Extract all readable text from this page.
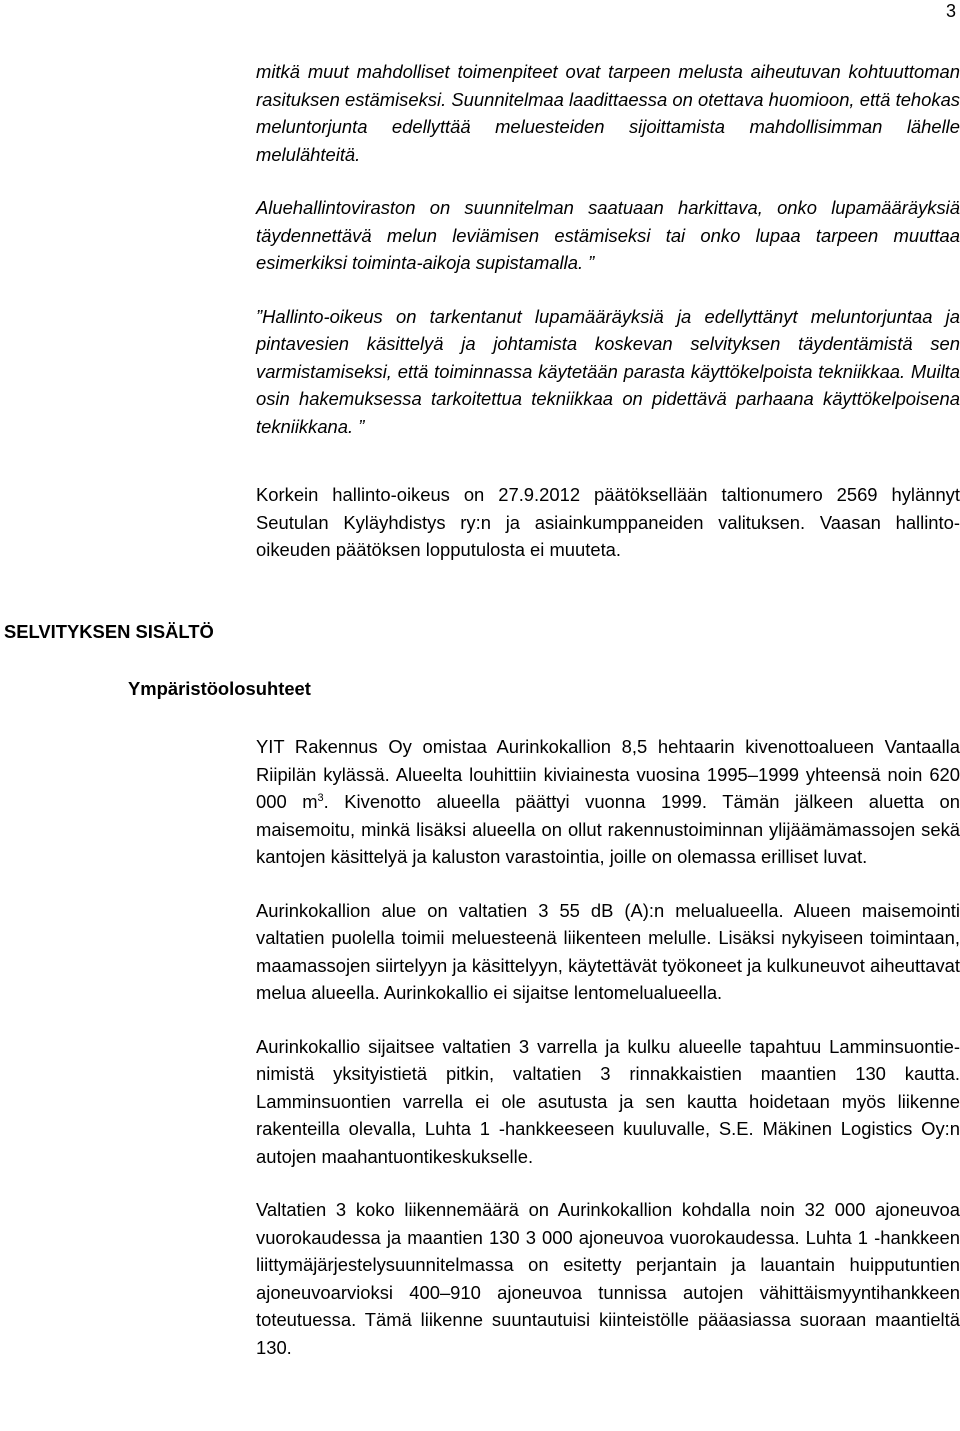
3

mitkä muut mahdolliset toimenpiteet ovat tarpeen melusta aiheutuvan kohtuuttoman rasituksen estämiseksi. Suunnitelmaa laadittaessa on otettava huomioon, että tehokas meluntorjunta edellyttää meluesteiden sijoittamista mahdollisimman lähelle melulähteitä.

Aluehallintoviraston on suunnitelman saatuaan harkittava, onko lupamääräyksiä täydennettävä melun leviämisen estämiseksi tai onko lupaa tarpeen muuttaa esimerkiksi toiminta-aikoja supistamalla. ”

”Hallinto-oikeus on tarkentanut lupamääräyksiä ja edellyttänyt meluntorjuntaa ja pintavesien käsittelyä ja johtamista koskevan selvityksen täydentämistä sen varmistamiseksi, että toiminnassa käytetään parasta käyttökelpoista tekniikkaa. Muilta osin hakemuksessa tarkoitettua tekniikkaa on pidettävä parhaana käyttökelpoisena tekniikkana. ”

Korkein hallinto-oikeus on 27.9.2012 päätöksellään taltionumero 2569 hylännyt Seutulan Kyläyhdistys ry:n ja asiainkumppaneiden valituksen. Vaasan hallinto-oikeuden päätöksen lopputulosta ei muuteta.

SELVITYKSEN SISÄLTÖ
Ympäristöolosuhteet

YIT Rakennus Oy omistaa Aurinkokallion 8,5 hehtaarin kivenottoalueen Vantaalla Riipilän kylässä. Alueelta louhittiin kiviainesta vuosina 1995–1999 yhteensä noin 620 000 $m^3$. Kivenotto alueella päättyi vuonna 1999. Tämän jälkeen aluetta on maisemoitu, minkä lisäksi alueella on ollut rakennustoiminnan ylijäämämassojen sekä kantojen käsittelyä ja kaluston varastointia, joille on olemassa erilliset luvat.

Aurinkokallion alue on valtatien 3 55 dB (A):n melualueella. Alueen maisemointi valtatien puolella toimii meluesteenä liikenteen melulle. Lisäksi nykyiseen toimintaan, maamassojen siirtelyyn ja käsittelyyn, käytettävät työkoneet ja kulkuneuvot aiheuttavat melua alueella. Aurinkokallio ei sijaitse lentomelualueella.

Aurinkokallio sijaitsee valtatien 3 varrella ja kulku alueelle tapahtuu Lamminsuontie-nimistä yksityistietä pitkin, valtatien 3 rinnakkaistien maantien 130 kautta. Lamminsuontien varrella ei ole asutusta ja sen kautta hoidetaan myös liikenne rakenteilla olevalla, Luhta 1 -hankkeeseen kuuluvalle, S.E. Mäkinen Logistics Oy:n autojen maahantuontikeskukselle.

Valtatien 3 koko liikennemäärä on Aurinkokallion kohdalla noin 32 000 ajoneuvoa vuorokaudessa ja maantien 130 3 000 ajoneuvoa vuorokaudessa. Luhta 1 -hankkeen liittymäjärjestelysuunnitelmassa on esitetty perjantain ja lauantain huipputuntien ajoneuvoarvioksi 400–910 ajoneuvoa tunnissa autojen vähittäismyyntihankkeen toteutuessa. Tämä liikenne suuntautuisi kiinteistölle pääasiassa suoraan maantieltä 130.
